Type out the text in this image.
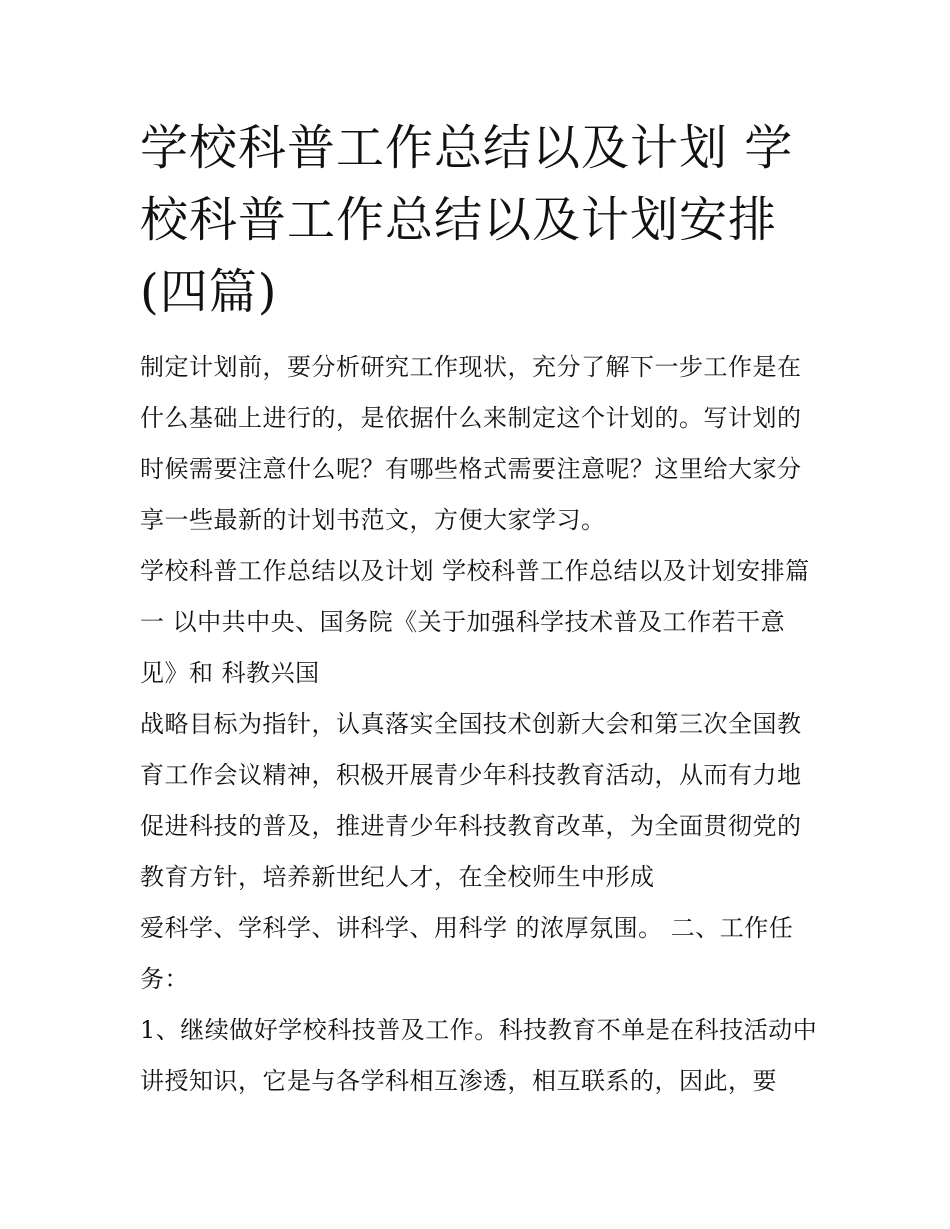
学校科普工作总结以及计划 学校科普工作总结以及计划安排(四篇)

制定计划前，要分析研究工作现状，充分了解下一步工作是在什么基础上进行的，是依据什么来制定这个计划的。写计划的时候需要注意什么呢？有哪些格式需要注意呢？这里给大家分享一些最新的计划书范文，方便大家学习。

学校科普工作总结以及计划 学校科普工作总结以及计划安排篇一 以中共中央、国务院《关于加强科学技术普及工作若干意见》和 科教兴国

战略目标为指针，认真落实全国技术创新大会和第三次全国教育工作会议精神，积极开展青少年科技教育活动，从而有力地促进科技的普及，推进青少年科技教育改革，为全面贯彻党的教育方针，培养新世纪人才，在全校师生中形成

爱科学、学科学、讲科学、用科学 的浓厚氛围。 二、工作任务：

1、继续做好学校科技普及工作。科技教育不单是在科技活动中讲授知识，它是与各学科相互渗透，相互联系的，因此，要
